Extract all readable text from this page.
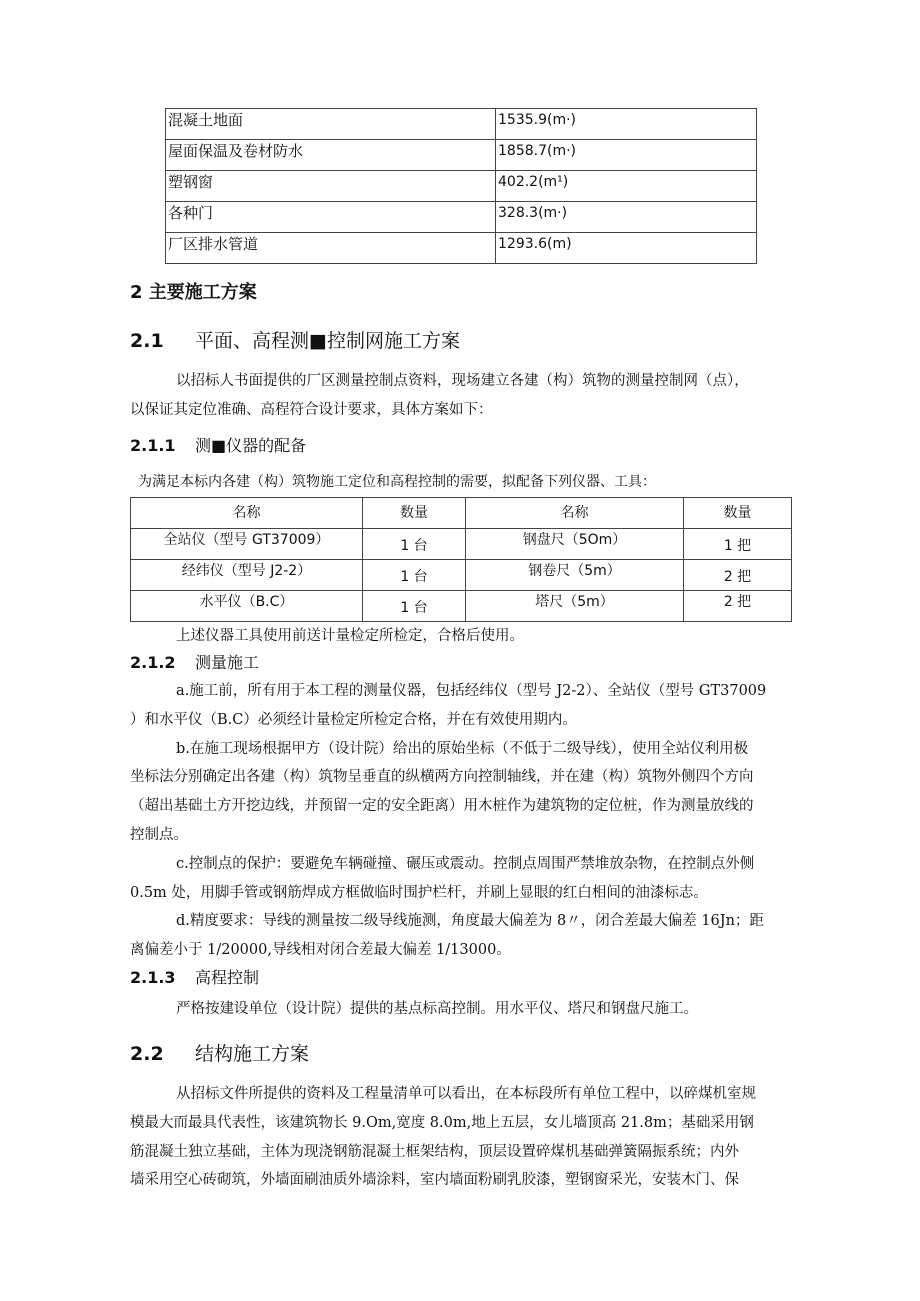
混凝土地面	1535.9(m·)
屋面保温及卷材防水	1858.7(m·)
塑钢窗	402.2(m¹)
各种门	328.3(m·)
厂区排水管道	1293.6(m)
2 主要施工方案
2.1 平面、高程测■控制网施工方案
以招标人书面提供的厂区测量控制点资料，现场建立各建（构）筑物的测量控制网（点），
以保证其定位准确、高程符合设计要求，具体方案如下：
2.1.1 测■仪器的配备
为满足本标内各建（构）筑物施工定位和高程控制的需要，拟配备下列仪器、工具：
名称	数量	名称	数量
全站仪（型号 GT37009）	1 台	钢盘尺（5Om）	1 把
经纬仪（型号 J2-2）	1 台	钢卷尺（5m）	2 把
水平仪（B.C）	1 台	塔尺（5m）	2 把
上述仪器工具使用前送计量检定所检定，合格后使用。
2.1.2 测量施工
a.施工前，所有用于本工程的测量仪器，包括经纬仪（型号 J2-2）、全站仪（型号 GT37009
）和水平仪（B.C）必须经计量检定所检定合格，并在有效使用期内。
b.在施工现场根据甲方（设计院）给出的原始坐标（不低于二级导线），使用全站仪利用极
坐标法分别确定出各建（构）筑物呈垂直的纵横两方向控制轴线，并在建（构）筑物外侧四个方向
（超出基础土方开挖边线，并预留一定的安全距离）用木桩作为建筑物的定位桩，作为测量放线的
控制点。
c.控制点的保护：要避免车辆碰撞、碾压或震动。控制点周围严禁堆放杂物，在控制点外侧
0.5m 处，用脚手管或钢筋焊成方框做临时围护栏杆，并刷上显眼的红白相间的油漆标志。
d.精度要求：导线的测量按二级导线施测，角度最大偏差为 8〃，闭合差最大偏差 16Jn；距
离偏差小于 1/20000,导线相对闭合差最大偏差 1/13000。
2.1.3 高程控制
严格按建设单位（设计院）提供的基点标高控制。用水平仪、塔尺和钢盘尺施工。
2.2 结构施工方案
从招标文件所提供的资料及工程量清单可以看出，在本标段所有单位工程中，以碎煤机室规
模最大而最具代表性，该建筑物长 9.Om,宽度 8.0m,地上五层，女儿墙顶高 21.8m；基础采用钢
筋混凝土独立基础，主体为现浇钢筋混凝土框架结构，顶层设置碎煤机基础弹簧隔振系统；内外
墙采用空心砖砌筑，外墙面刷油质外墙涂料，室内墙面粉刷乳胶漆，塑钢窗采光，安装木门、保
